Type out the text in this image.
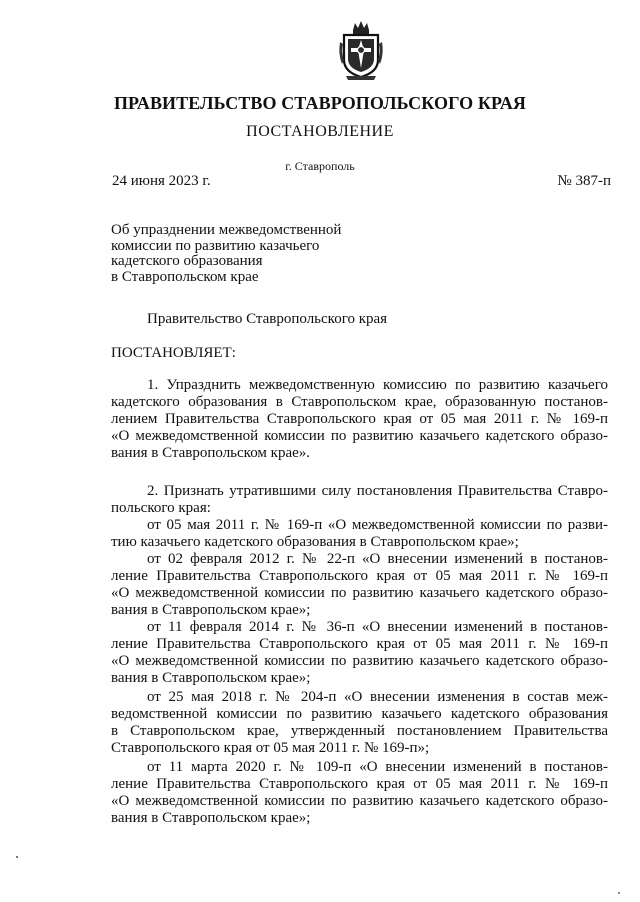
ПРАВИТЕЛЬСТВО СТАВРОПОЛЬСКОГО КРАЯ
ПОСТАНОВЛЕНИЕ
г. Ставрополь
24 июня 2023 г.	№ 387-п
Об упразднении межведомственной
комиссии по развитию казачьего
кадетского образования
в Ставропольском крае
Правительство Ставропольского края
ПОСТАНОВЛЯЕТ:
1. Упразднить межведомственную комиссию по развитию казачьего
кадетского образования в Ставропольском крае, образованную постанов-
лением Правительства Ставропольского края от 05 мая 2011 г. № 169-п
«О межведомственной комиссии по развитию казачьего кадетского образо-
вания в Ставропольском крае».
2. Признать утратившими силу постановления Правительства Ставро-
польского края:
от 05 мая 2011 г. № 169-п «О межведомственной комиссии по разви-
тию казачьего кадетского образования в Ставропольском крае»;
от 02 февраля 2012 г. № 22-п «О внесении изменений в постанов-
ление Правительства Ставропольского края от 05 мая 2011 г. № 169-п
«О межведомственной комиссии по развитию казачьего кадетского образо-
вания в Ставропольском крае»;
от 11 февраля 2014 г. № 36-п «О внесении изменений в постанов-
ление Правительства Ставропольского края от 05 мая 2011 г. № 169-п
«О межведомственной комиссии по развитию казачьего кадетского образо-
вания в Ставропольском крае»;
от 25 мая 2018 г. № 204-п «О внесении изменения в состав меж-
ведомственной комиссии по развитию казачьего кадетского образования
в Ставропольском крае, утвержденный постановлением Правительства
Ставропольского края от 05 мая 2011 г. № 169-п»;
от 11 марта 2020 г. № 109-п «О внесении изменений в постанов-
ление Правительства Ставропольского края от 05 мая 2011 г. № 169-п
«О межведомственной комиссии по развитию казачьего кадетского образо-
вания в Ставропольском крае»;
